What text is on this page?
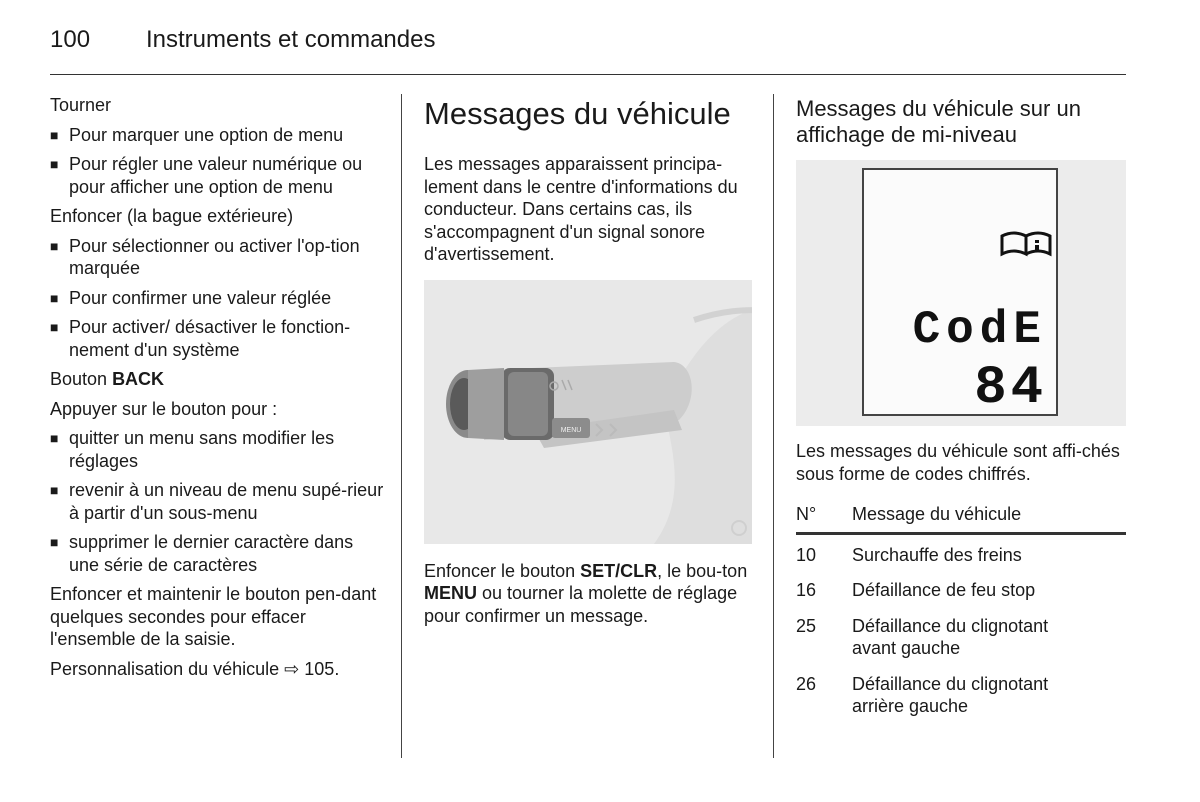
100 Instruments et commandes
Tourner
■ Pour marquer une option de menu
■ Pour régler une valeur numérique ou pour afficher une option de menu
Enfoncer (la bague extérieure)
■ Pour sélectionner ou activer l'op-tion marquée
■ Pour confirmer une valeur réglée
■ Pour activer/ désactiver le fonction-nement d'un système
Bouton BACK
Appuyer sur le bouton pour :
■ quitter un menu sans modifier les réglages
■ revenir à un niveau de menu supé-rieur à partir d'un sous-menu
■ supprimer le dernier caractère dans une série de caractères
Enfoncer et maintenir le bouton pen-dant quelques secondes pour effacer l'ensemble de la saisie.
Personnalisation du véhicule ⇨ 105.
Messages du véhicule
Les messages apparaissent principa-lement dans le centre d'informations du conducteur. Dans certains cas, ils s'accompagnent d'un signal sonore d'avertissement.
MENU
Enfoncer le bouton SET/CLR, le bou-ton MENU ou tourner la molette de réglage pour confirmer un message.
Messages du véhicule sur un affichage de mi-niveau
CodE
84
Les messages du véhicule sont affi-chés sous forme de codes chiffrés.
N°	Message du véhicule
10	Surchauffe des freins
16	Défaillance de feu stop
25	Défaillance du clignotant avant gauche
26	Défaillance du clignotant arrière gauche
